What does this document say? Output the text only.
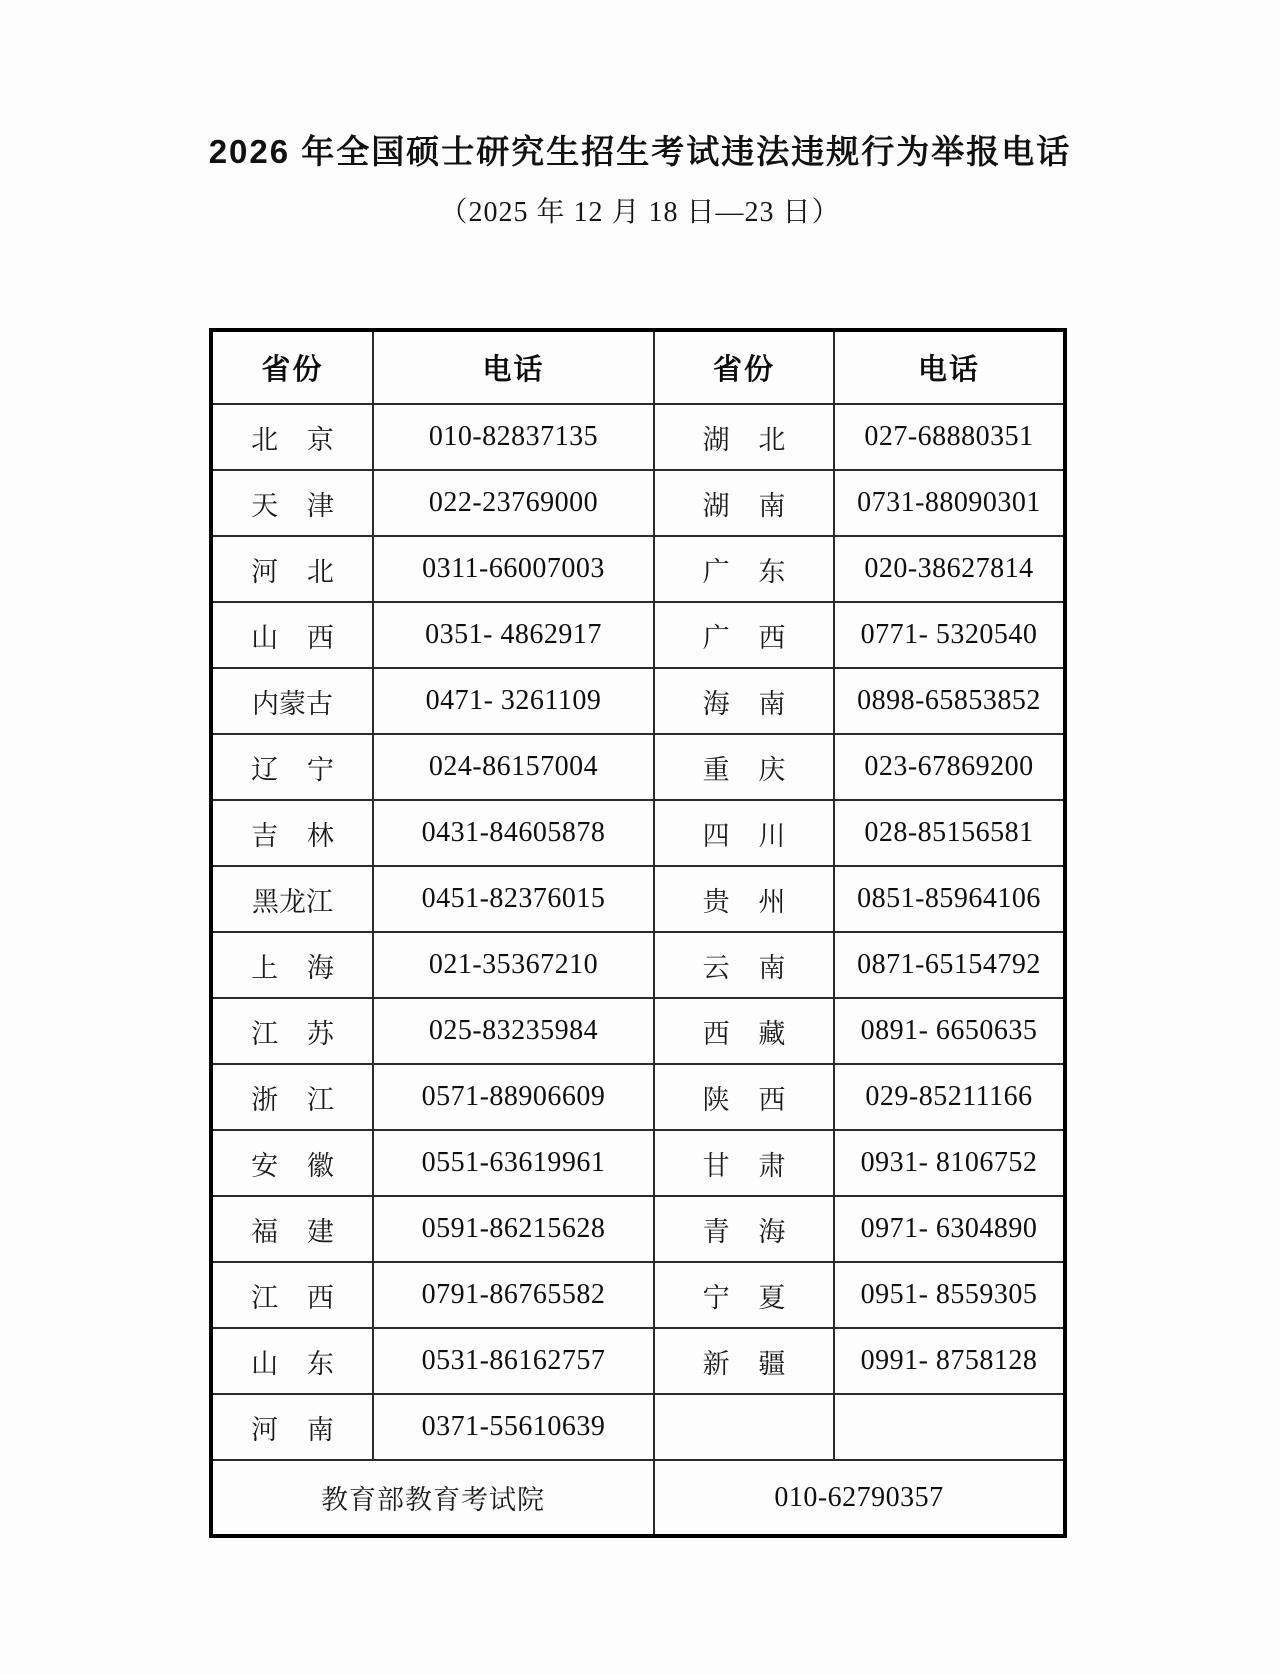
2026 年全国硕士研究生招生考试违法违规行为举报电话
（2025 年 12 月 18 日—23 日）
省份	电话	省份	电话
北 京	010-82837135	湖 北	027-68880351
天 津	022-23769000	湖 南	0731-88090301
河 北	0311-66007003	广 东	020-38627814
山 西	0351- 4862917	广 西	0771- 5320540
内蒙古	0471- 3261109	海 南	0898-65853852
辽 宁	024-86157004	重 庆	023-67869200
吉 林	0431-84605878	四 川	028-85156581
黑龙江	0451-82376015	贵 州	0851-85964106
上 海	021-35367210	云 南	0871-65154792
江 苏	025-83235984	西 藏	0891- 6650635
浙 江	0571-88906609	陕 西	029-85211166
安 徽	0551-63619961	甘 肃	0931- 8106752
福 建	0591-86215628	青 海	0971- 6304890
江 西	0791-86765582	宁 夏	0951- 8559305
山 东	0531-86162757	新 疆	0991- 8758128
河 南	0371-55610639		
教育部教育考试院		010-62790357	
